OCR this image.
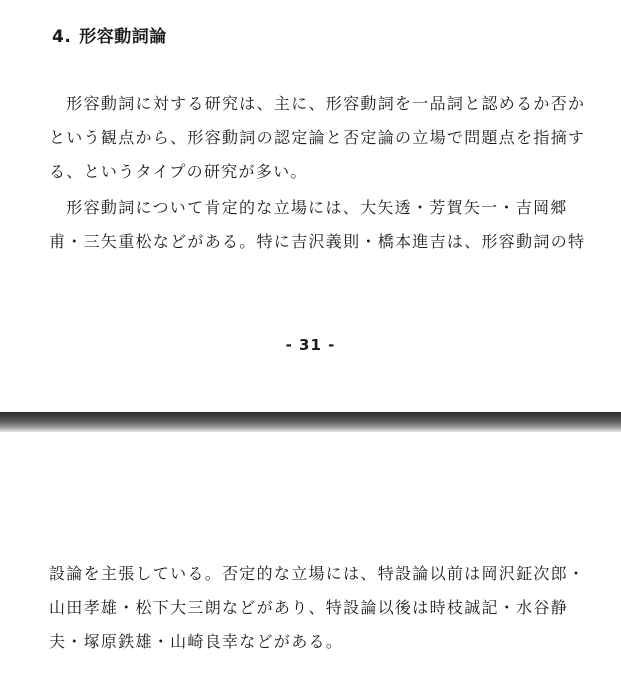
4. 形容動詞論
　形容動詞に対する研究は、主に、形容動詞を一品詞と認めるか否か
という観点から、形容動詞の認定論と否定論の立場で問題点を指摘す
る、というタイプの研究が多い。
　形容動詞について肯定的な立場には、大矢透・芳賀矢一・吉岡郷
甫・三矢重松などがある。特に吉沢義則・橋本進吉は、形容動詞の特
- 31 -
設論を主張している。否定的な立場には、特設論以前は岡沢鉦次郎・
山田孝雄・松下大三朗などがあり、特設論以後は時枝誠記・水谷静
夫・塚原鉄雄・山崎良幸などがある。
